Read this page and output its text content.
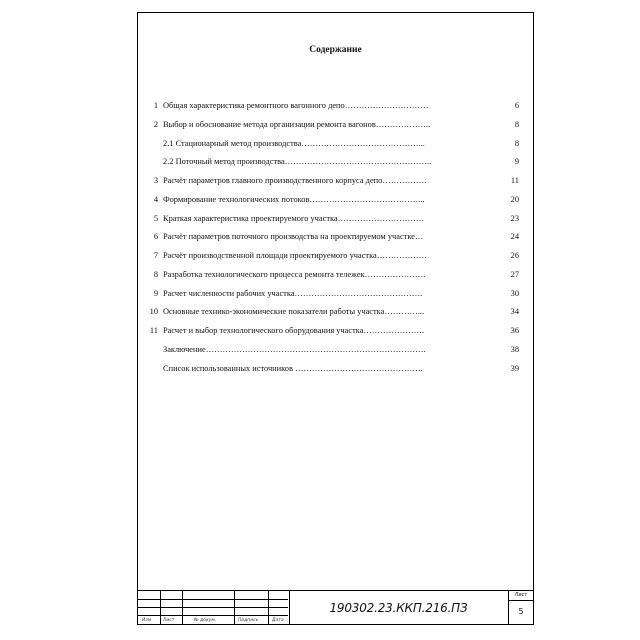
Содержание
1 Общая характеристика ремонтного вагонного депо…………………………	6
2 Выбор и обоснование метода организации ремонта вагонов………………..	8
2.1 Стационарный метод производства……………………………………...	8
2.2 Поточный метод производства……………………………………………..	9
3 Расчёт параметров главного производственного корпуса депо…………….	11
4 Формирование технологических потоков…………………………………...	20
5 Краткая характеристика проектируемого участка………………………….	23
6 Расчёт параметров поточного производства на проектируемом участке…	24
7 Расчёт производственной площади проектируемого участка………………	26
8 Разработка технологического процесса ремонта тележек………………….	27
9 Расчет численности рабочих участка……………………………………….	30
10 Основные технико-экономические показатели работы участка…………...	34
11 Расчет и выбор технологического оборудования участка………………….	36
Заключение…………………………………………………………………….	38
Список использованных источников ……………………………………….	39
Изм	Лист	№ докум.	Подпись	Дата
190302.23.ККП.216.ПЗ
Лист
5
